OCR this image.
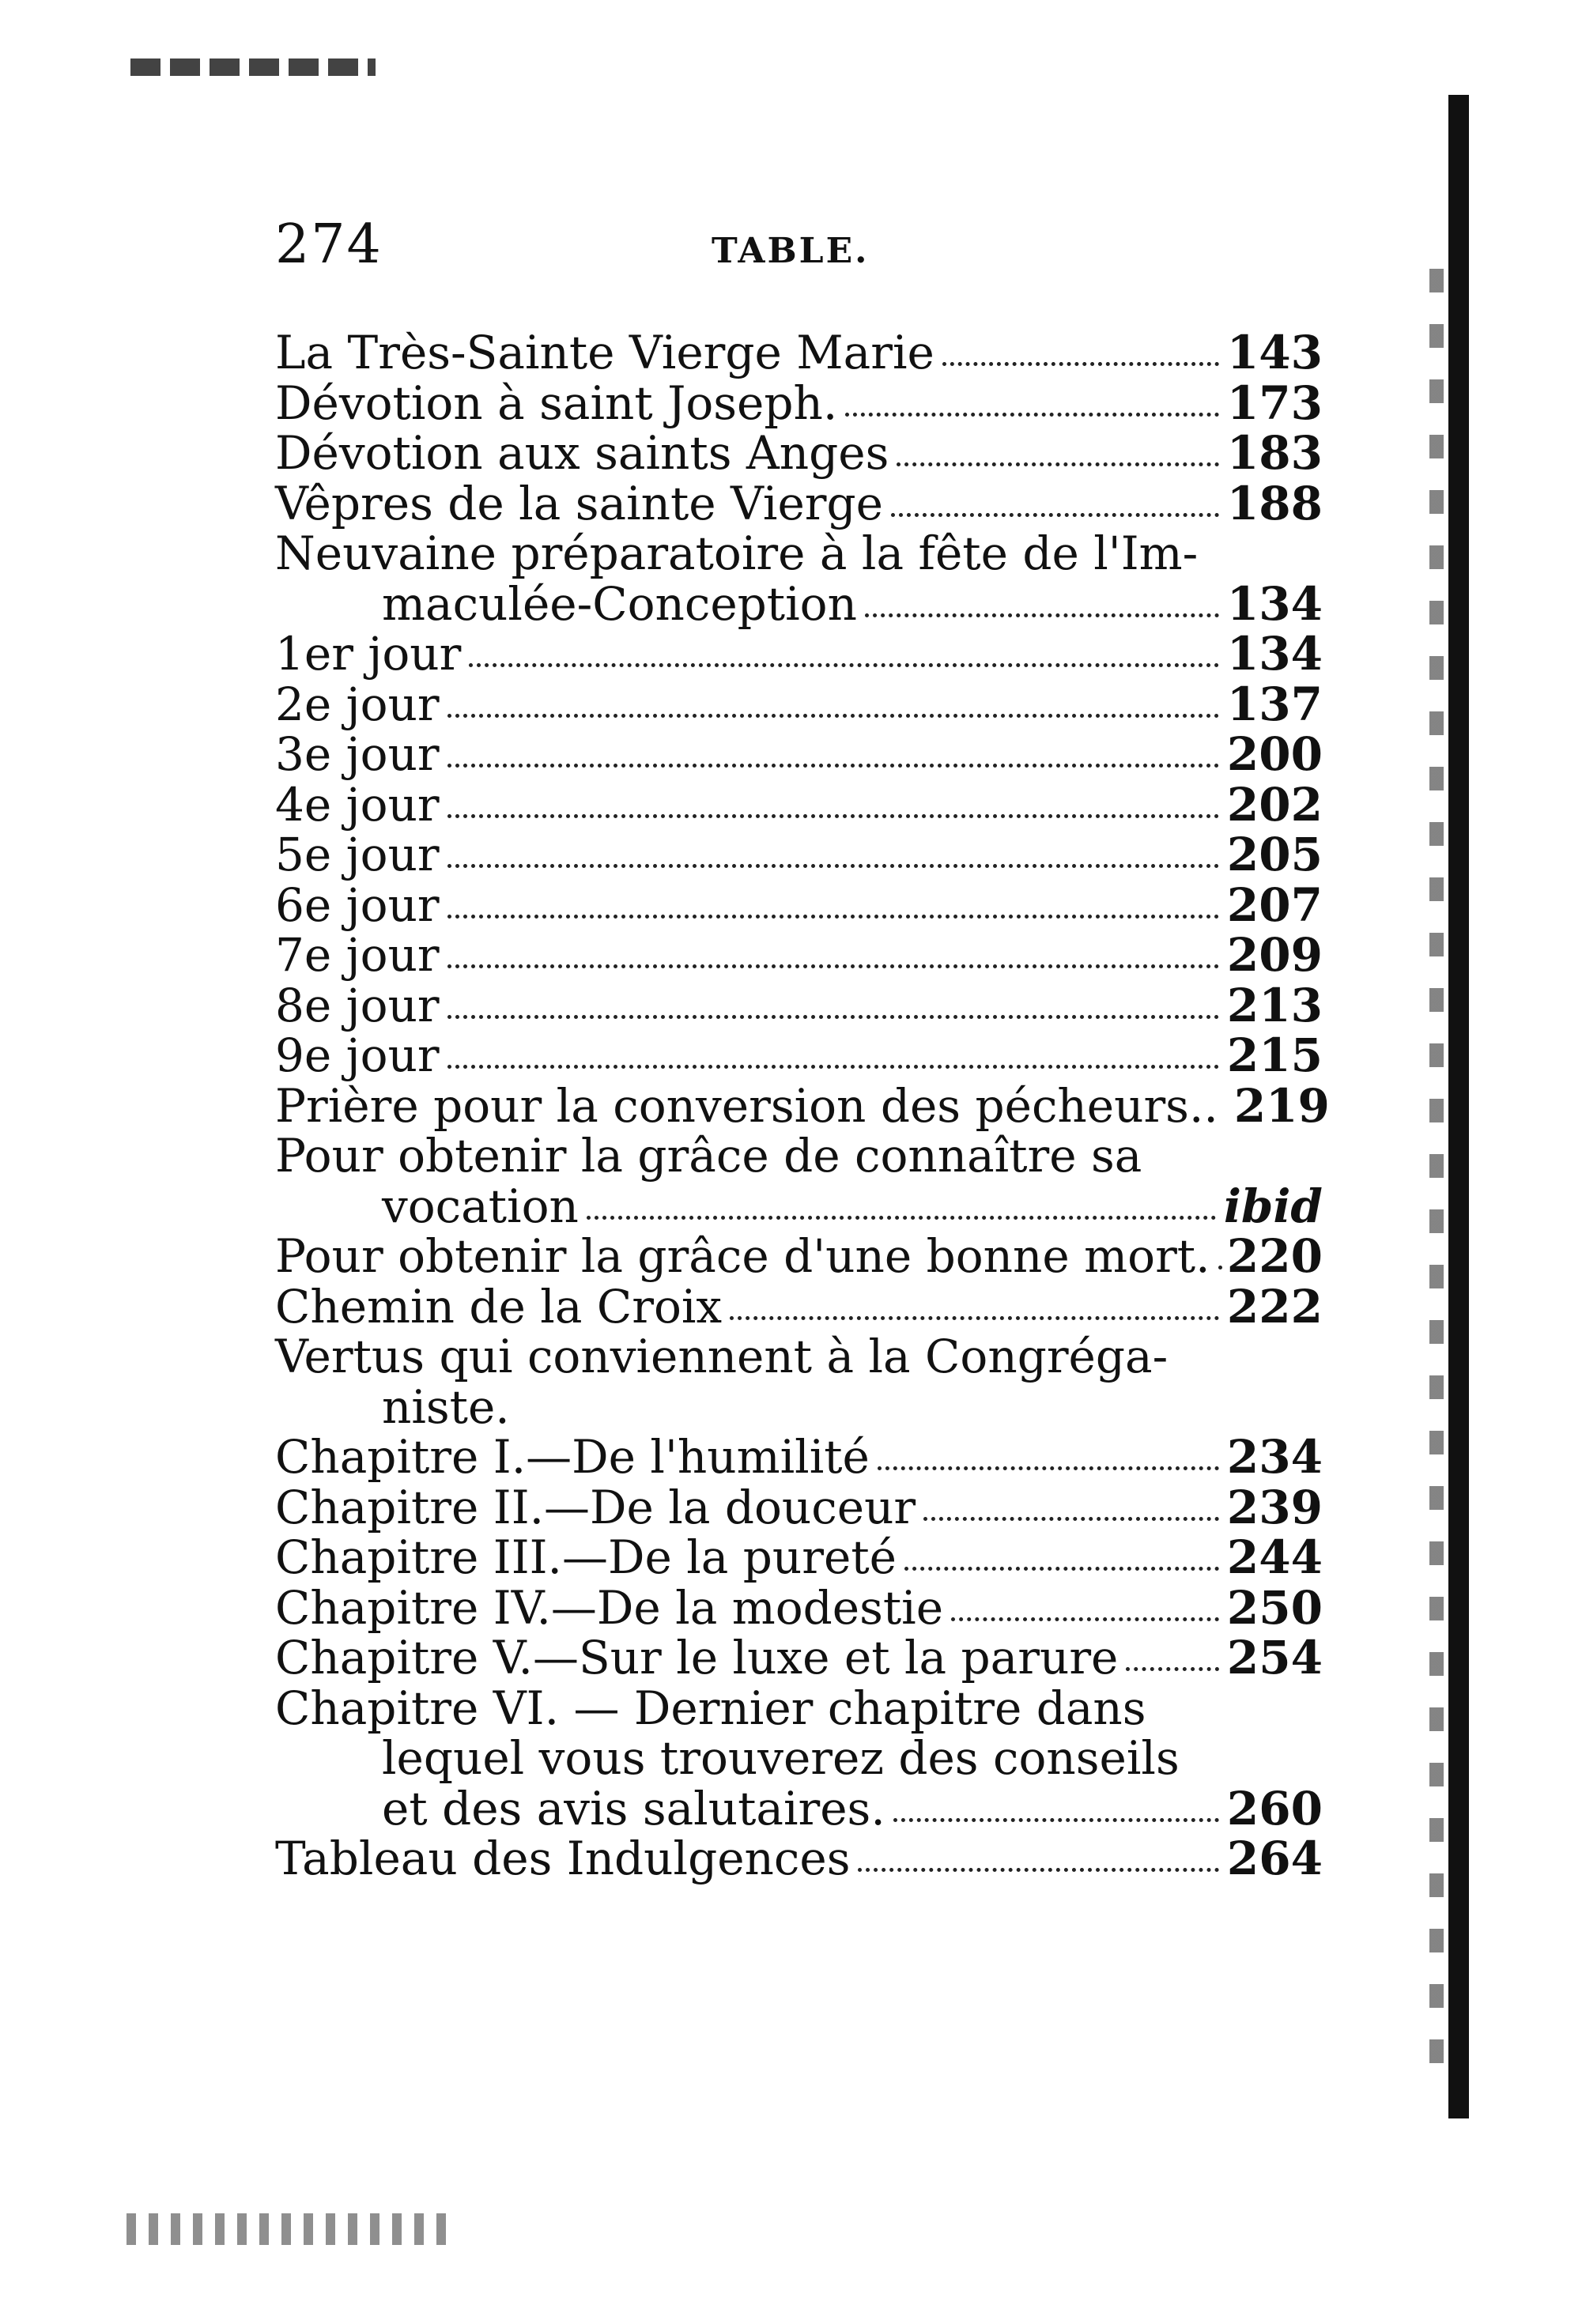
274	TABLE.
La Très-Sainte Vierge Marie	143
Dévotion à saint Joseph.	173
Dévotion aux saints Anges	183
Vêpres de la sainte Vierge	188
Neuvaine préparatoire à la fête de l'Im-
maculée-Conception	134
1er jour	134
2e jour	137
3e jour	200
4e jour	202
5e jour	205
6e jour	207
7e jour	209
8e jour	213
9e jour	215
Prière pour la conversion des pécheurs.. 219
Pour obtenir la grâce de connaître sa
vocation	ibid
Pour obtenir la grâce d'une bonne mort. 220
Chemin de la Croix	222
Vertus qui conviennent à la Congréga-
niste.
Chapitre I.—De l'humilité	234
Chapitre II.—De la douceur	239
Chapitre III.—De la pureté	244
Chapitre IV.—De la modestie	250
Chapitre V.—Sur le luxe et la parure 254
Chapitre VI. — Dernier chapitre dans
lequel vous trouverez des conseils
et des avis salutaires.	260
Tableau des Indulgences	264
